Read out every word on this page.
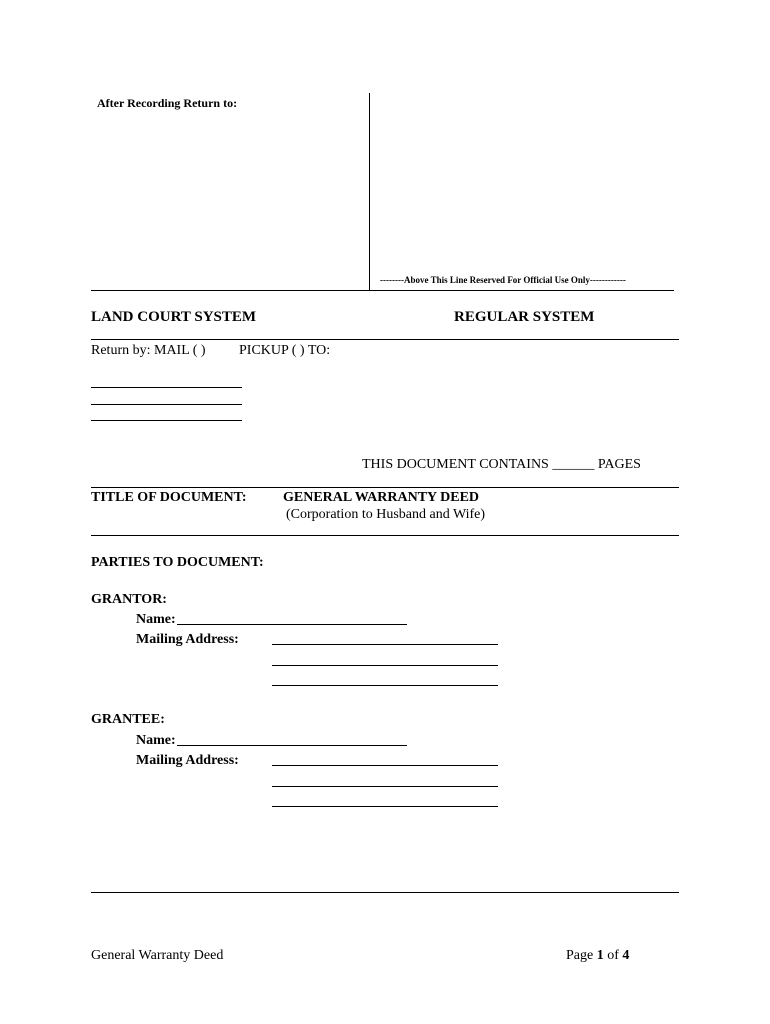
After Recording Return to:
--------Above This Line Reserved For Official Use Only------------
LAND COURT SYSTEM	REGULAR SYSTEM
Return by: MAIL ( ) PICKUP ( ) TO:
THIS DOCUMENT CONTAINS ______ PAGES
TITLE OF DOCUMENT:	GENERAL WARRANTY DEED
(Corporation to Husband and Wife)
PARTIES TO DOCUMENT:
GRANTOR:
Name:
Mailing Address:
GRANTEE:
Name:
Mailing Address:
General Warranty Deed	Page 1 of 4
